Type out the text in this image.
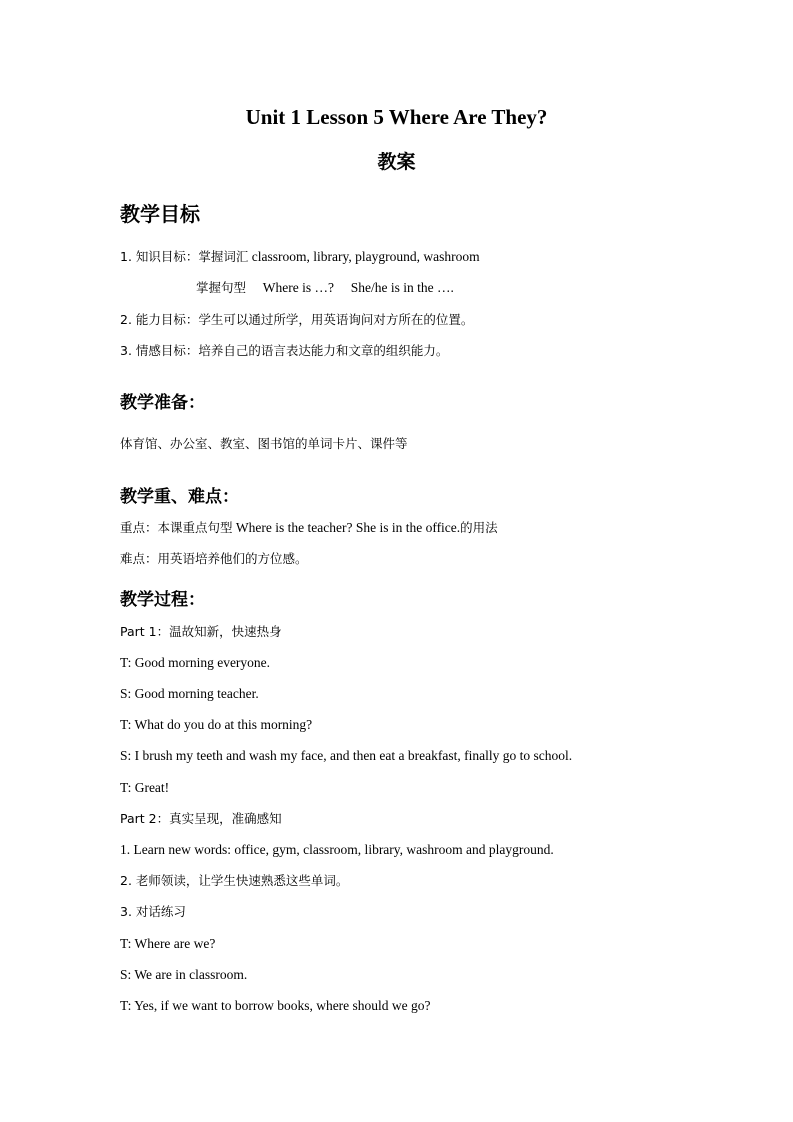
Unit 1 Lesson 5 Where Are They?
教案
教学目标
1. 知识目标：掌握词汇 classroom, library, playground, washroom
掌握句型 Where is …? She/he is in the ….
2. 能力目标：学生可以通过所学，用英语询问对方所在的位置。
3. 情感目标：培养自己的语言表达能力和文章的组织能力。
教学准备：
体育馆、办公室、教室、图书馆的单词卡片、课件等
教学重、难点：
重点：本课重点句型 Where is the teacher? She is in the office.的用法
难点：用英语培养他们的方位感。
教学过程：
Part 1：温故知新，快速热身
T: Good morning everyone.
S: Good morning teacher.
T: What do you do at this morning?
S: I brush my teeth and wash my face, and then eat a breakfast, finally go to school.
T: Great!
Part 2：真实呈现，准确感知
1. Learn new words: office, gym, classroom, library, washroom and playground.
2. 老师领读，让学生快速熟悉这些单词。
3. 对话练习
T: Where are we?
S: We are in classroom.
T: Yes, if we want to borrow books, where should we go?
